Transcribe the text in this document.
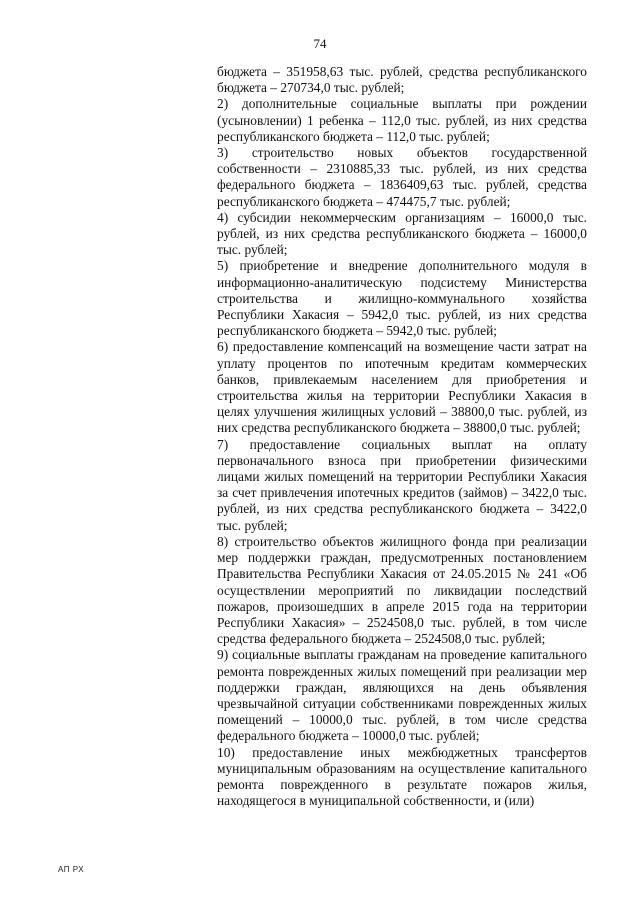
74

бюджета – 351958,63 тыс. рублей, средства республиканского бюджета – 270734,0 тыс. рублей;

2) дополнительные социальные выплаты при рождении (усыновлении) 1 ребенка – 112,0 тыс. рублей, из них средства республиканского бюджета – 112,0 тыс. рублей;

3) строительство новых объектов государственной собственности – 2310885,33 тыс. рублей, из них средства федерального бюджета – 1836409,63 тыс. рублей, средства республиканского бюджета – 474475,7 тыс. рублей;

4) субсидии некоммерческим организациям – 16000,0 тыс. рублей, из них средства республиканского бюджета – 16000,0 тыс. рублей;

5) приобретение и внедрение дополнительного модуля в информационно-аналитическую подсистему Министерства строительства и жилищно-коммунального хозяйства Республики Хакасия – 5942,0 тыс. рублей, из них средства республиканского бюджета – 5942,0 тыс. рублей;

6) предоставление компенсаций на возмещение части затрат на уплату процентов по ипотечным кредитам коммерческих банков, привлекаемым населением для приобретения и строительства жилья на территории Республики Хакасия в целях улучшения жилищных условий – 38800,0 тыс. рублей, из них средства республиканского бюджета – 38800,0 тыс. рублей;

7) предоставление социальных выплат на оплату первоначального взноса при приобретении физическими лицами жилых помещений на территории Республики Хакасия за счет привлечения ипотечных кредитов (займов) – 3422,0 тыс. рублей, из них средства республиканского бюджета – 3422,0 тыс. рублей;

8) строительство объектов жилищного фонда при реализации мер поддержки граждан, предусмотренных постановлением Правительства Республики Хакасия от 24.05.2015 № 241 «Об осуществлении мероприятий по ликвидации последствий пожаров, произошедших в апреле 2015 года на территории Республики Хакасия» – 2524508,0 тыс. рублей, в том числе средства федерального бюджета – 2524508,0 тыс. рублей;

9) социальные выплаты гражданам на проведение капитального ремонта поврежденных жилых помещений при реализации мер поддержки граждан, являющихся на день объявления чрезвычайной ситуации собственниками поврежденных жилых помещений – 10000,0 тыс. рублей, в том числе средства федерального бюджета – 10000,0 тыс. рублей;

10) предоставление иных межбюджетных трансфертов муниципальным образованиям на осуществление капитального ремонта поврежденного в результате пожаров жилья, находящегося в муниципальной собственности, и (или)

АП РХ
